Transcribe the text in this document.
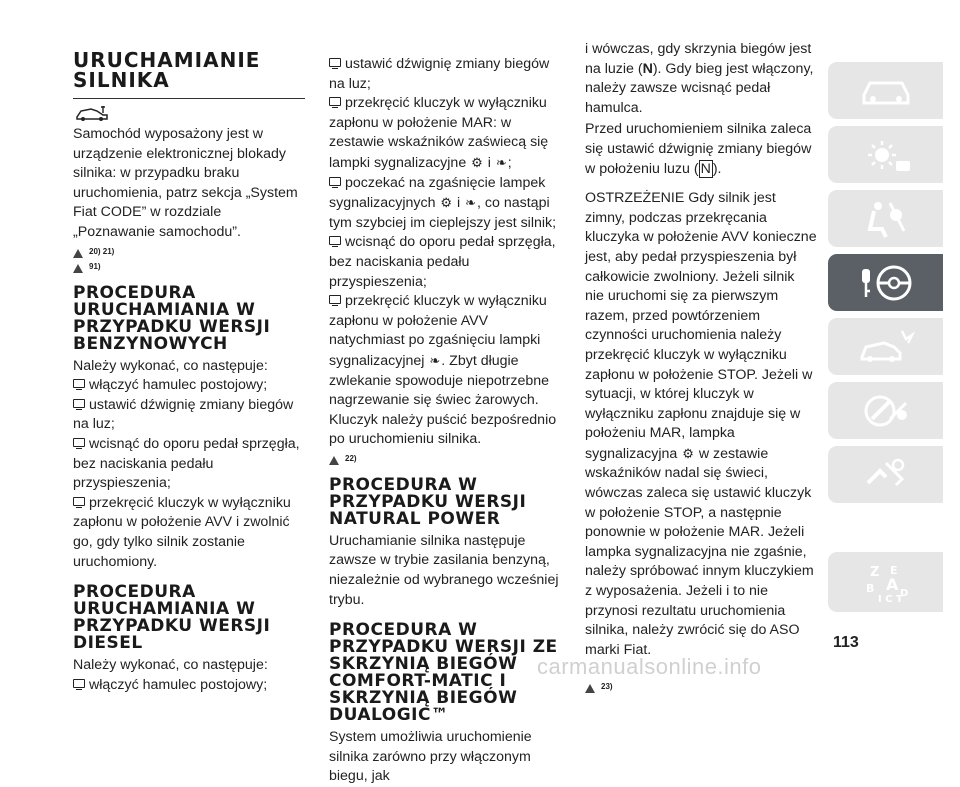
URUCHAMIANIE SILNIKA

Samochód wyposażony jest w urządzenie elektronicznej blokady silnika: w przypadku braku uruchomienia, patrz sekcja „System Fiat CODE” w rozdziale „Poznawanie samochodu”.

20) 21)
91)
PROCEDURA URUCHAMIANIA W PRZYPADKU WERSJI BENZYNOWYCH

Należy wykonać, co następuje:

włączyć hamulec postojowy;

ustawić dźwignię zmiany biegów na luz;

wcisnąć do oporu pedał sprzęgła, bez naciskania pedału przyspieszenia;

przekręcić kluczyk w wyłączniku zapłonu w położenie AVV i zwolnić go, gdy tylko silnik zostanie uruchomiony.

PROCEDURA URUCHAMIANIA W PRZYPADKU WERSJI DIESEL

Należy wykonać, co następuje:

włączyć hamulec postojowy;

ustawić dźwignię zmiany biegów na luz;

przekręcić kluczyk w wyłączniku zapłonu w położenie MAR: w zestawie wskaźników zaświecą się lampki sygnalizacyjne ⚙ i ❧;

poczekać na zgaśnięcie lampek sygnalizacyjnych ⚙ i ❧, co nastąpi tym szybciej im cieplejszy jest silnik;

wcisnąć do oporu pedał sprzęgła, bez naciskania pedału przyspieszenia;

przekręcić kluczyk w wyłączniku zapłonu w położenie AVV natychmiast po zgaśnięciu lampki sygnalizacyjnej ❧. Zbyt długie zwlekanie spowoduje niepotrzebne nagrzewanie się świec żarowych. Kluczyk należy puścić bezpośrednio po uruchomieniu silnika.

22)
PROCEDURA W PRZYPADKU WERSJI NATURAL POWER

Uruchamianie silnika następuje zawsze w trybie zasilania benzyną, niezależnie od wybranego wcześniej trybu.

PROCEDURA W PRZYPADKU WERSJI ZE SKRZYNIĄ BIEGÓW COMFORT-MATIC I SKRZYNIĄ BIEGÓW DUALOGIC™

System umożliwia uruchomienie silnika zarówno przy włączonym biegu, jak

i wówczas, gdy skrzynia biegów jest na luzie (N). Gdy bieg jest włączony, należy zawsze wcisnąć pedał hamulca.

Przed uruchomieniem silnika zaleca się ustawić dźwignię zmiany biegów w położeniu luzu ( N ).

OSTRZEŻENIE Gdy silnik jest zimny, podczas przekręcania kluczyka w położenie AVV konieczne jest, aby pedał przyspieszenia był całkowicie zwolniony. Jeżeli silnik nie uruchomi się za pierwszym razem, przed powtórzeniem czynności uruchomienia należy przekręcić kluczyk w wyłączniku zapłonu w położenie STOP. Jeżeli w sytuacji, w której kluczyk w wyłączniku zapłonu znajduje się w położeniu MAR, lampka sygnalizacyjna ⚙ w zestawie wskaźników nadal się świeci, wówczas zaleca się ustawić kluczyk w położenie STOP, a następnie ponownie w położenie MAR. Jeżeli lampka sygnalizacyjna nie zgaśnie, należy spróbować innym kluczykiem z wyposażenia. Jeżeli i to nie przynosi rezultatu uruchomienia silnika, należy zwrócić się do ASO marki Fiat.

23)
Z E
B A D
I C T
113
carmanualsonline.info
